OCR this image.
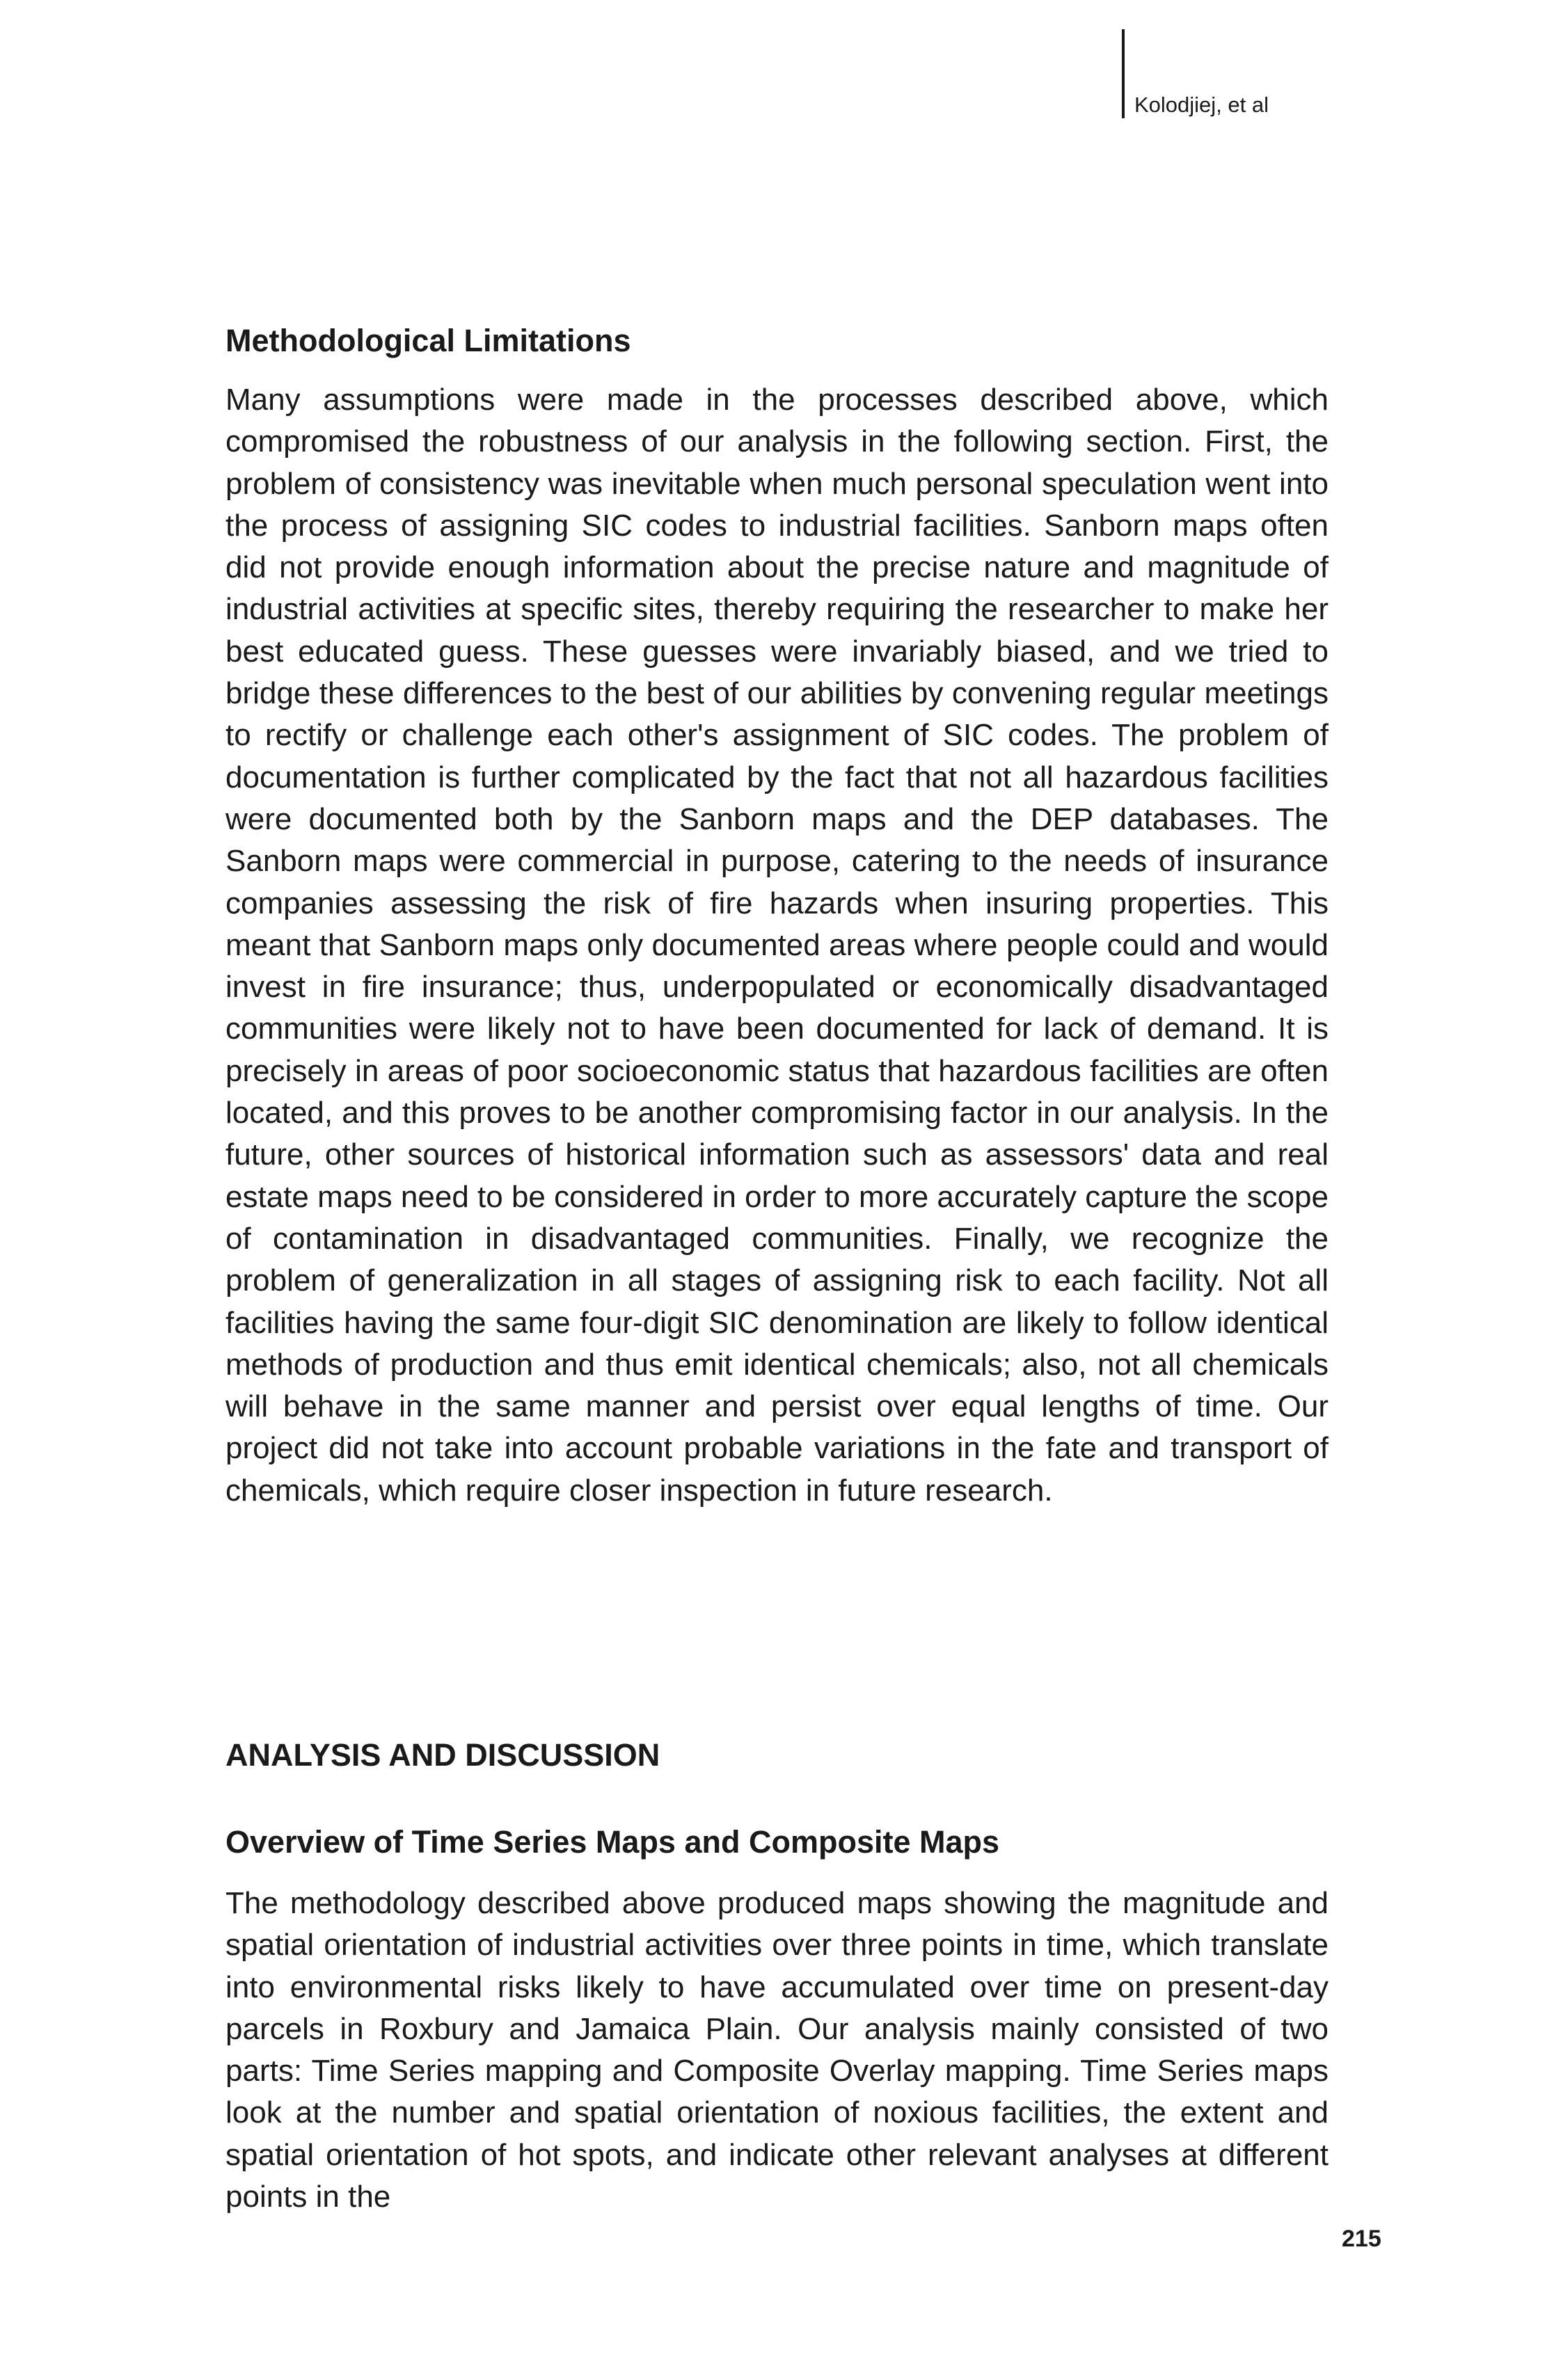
Kolodjiej, et al
Methodological Limitations

Many assumptions were made in the processes described above, which compromised the robustness of our analysis in the following section. First, the problem of consistency was inevitable when much personal speculation went into the process of assigning SIC codes to industrial facilities. Sanborn maps often did not provide enough information about the precise nature and magnitude of industrial activities at specific sites, thereby requiring the researcher to make her best educated guess. These guesses were invariably biased, and we tried to bridge these differences to the best of our abilities by convening regular meetings to rectify or challenge each other's assignment of SIC codes. The problem of documentation is further complicated by the fact that not all hazardous facilities were documented both by the Sanborn maps and the DEP databases. The Sanborn maps were commercial in purpose, catering to the needs of insurance companies assessing the risk of fire hazards when insuring properties. This meant that Sanborn maps only documented areas where people could and would invest in fire insurance; thus, underpopulated or economically disadvantaged communities were likely not to have been documented for lack of demand. It is precisely in areas of poor socioeconomic status that hazardous facilities are often located, and this proves to be another compromising factor in our analysis. In the future, other sources of historical information such as assessors' data and real estate maps need to be considered in order to more accurately capture the scope of contamination in disadvantaged communities. Finally, we recognize the problem of generalization in all stages of assigning risk to each facility. Not all facilities having the same four-digit SIC denomination are likely to follow identical methods of production and thus emit identical chemicals; also, not all chemicals will behave in the same manner and persist over equal lengths of time. Our project did not take into account probable variations in the fate and transport of chemicals, which require closer inspection in future research.

ANALYSIS AND DISCUSSION
Overview of Time Series Maps and Composite Maps

The methodology described above produced maps showing the magnitude and spatial orientation of industrial activities over three points in time, which translate into environmental risks likely to have accumulated over time on present-day parcels in Roxbury and Jamaica Plain. Our analysis mainly consisted of two parts: Time Series mapping and Composite Overlay mapping. Time Series maps look at the number and spatial orientation of noxious facilities, the extent and spatial orientation of hot spots, and indicate other relevant analyses at different points in the

215
